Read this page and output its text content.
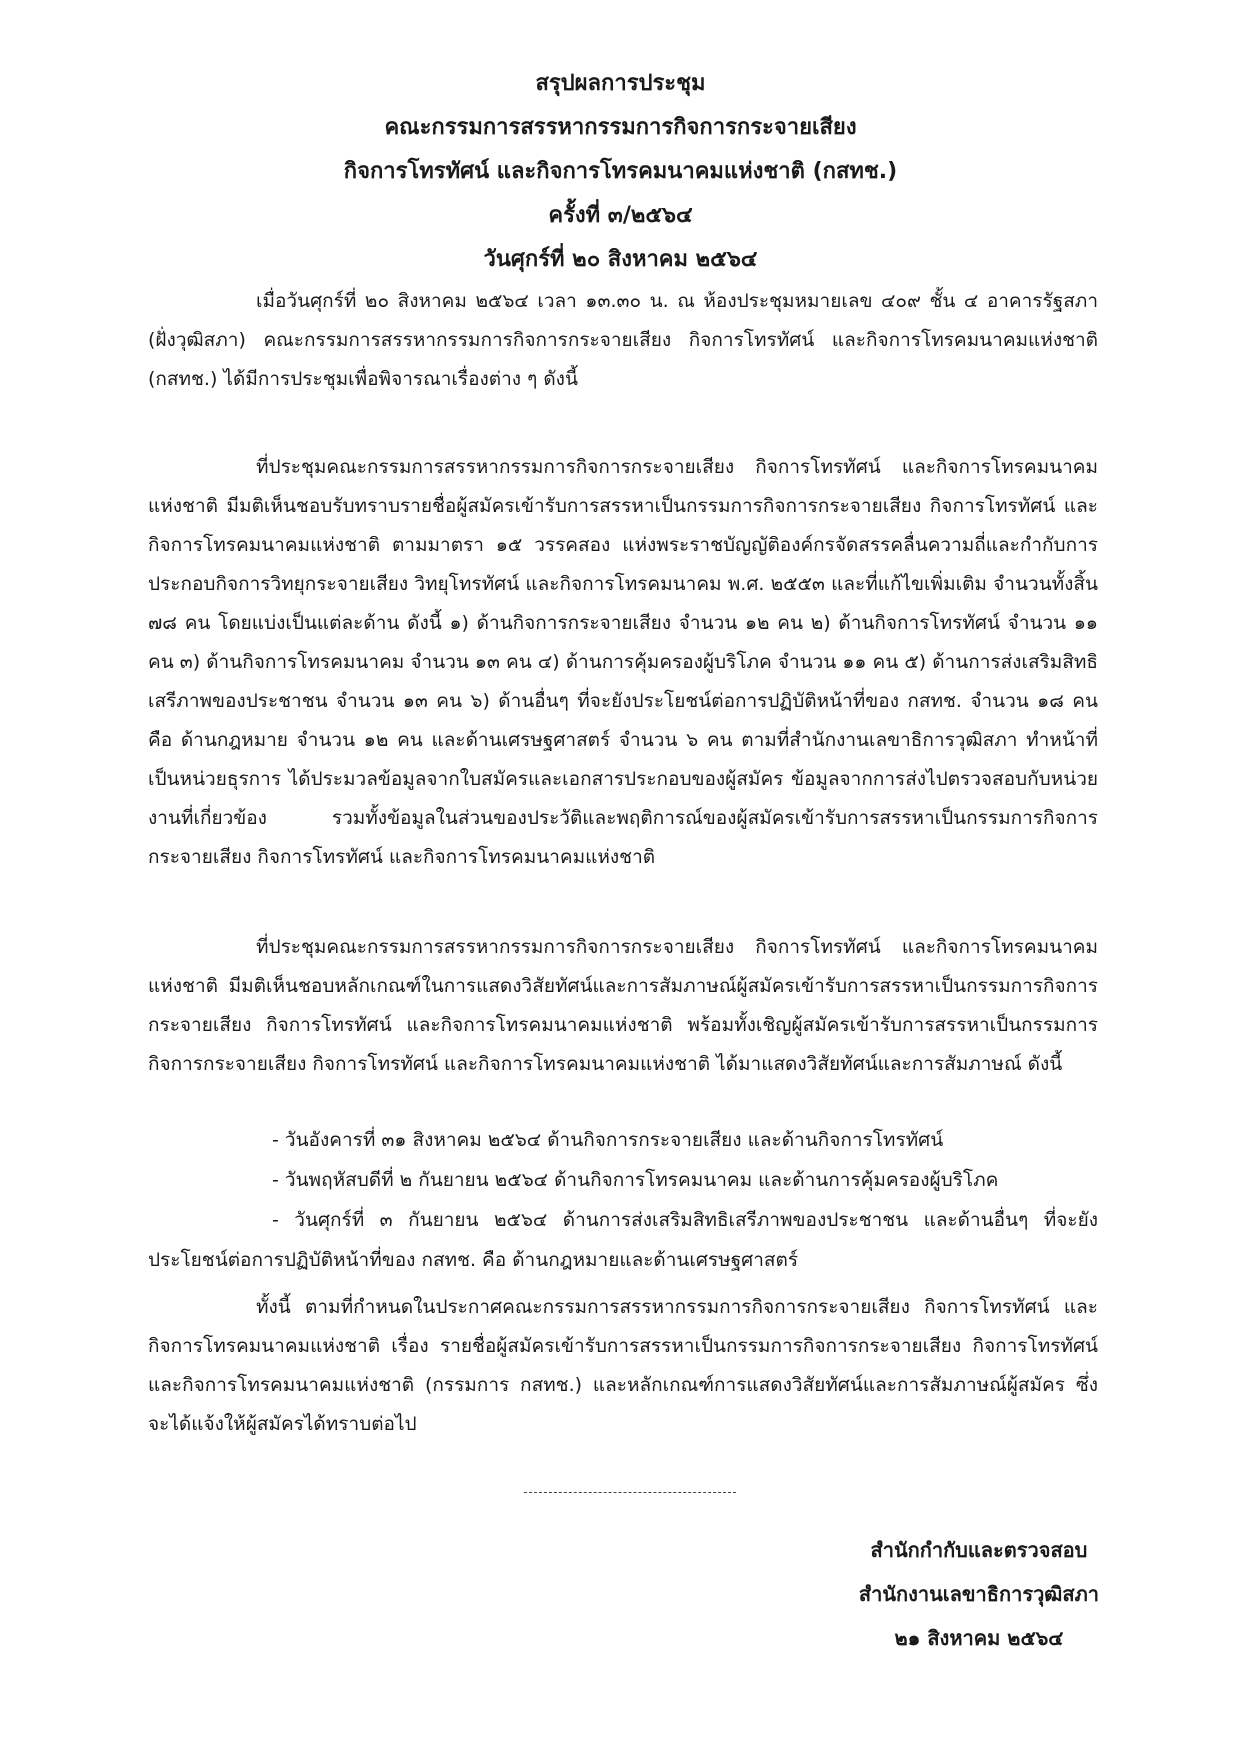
สรุปผลการประชุม
คณะกรรมการสรรหากรรมการกิจการกระจายเสียง
กิจการโทรทัศน์ และกิจการโทรคมนาคมแห่งชาติ (กสทช.)
ครั้งที่ ๓/๒๕๖๔
วันศุกร์ที่ ๒๐ สิงหาคม ๒๕๖๔

เมื่อวันศุกร์ที่ ๒๐ สิงหาคม ๒๕๖๔ เวลา ๑๓.๓๐ น. ณ ห้องประชุมหมายเลข ๔๐๙ ชั้น ๔ อาคารรัฐสภา (ฝั่งวุฒิสภา) คณะกรรมการสรรหากรรมการกิจการกระจายเสียง กิจการโทรทัศน์ และกิจการโทรคมนาคมแห่งชาติ (กสทช.) ได้มีการประชุมเพื่อพิจารณาเรื่องต่าง ๆ ดังนี้

ที่ประชุมคณะกรรมการสรรหากรรมการกิจการกระจายเสียง กิจการโทรทัศน์ และกิจการโทรคมนาคมแห่งชาติ มีมติเห็นชอบรับทราบรายชื่อผู้สมัครเข้ารับการสรรหาเป็นกรรมการกิจการกระจายเสียง กิจการโทรทัศน์ และกิจการโทรคมนาคมแห่งชาติ ตามมาตรา ๑๕ วรรคสอง แห่งพระราชบัญญัติองค์กรจัดสรรคลื่นความถี่และกำกับการประกอบกิจการวิทยุกระจายเสียง วิทยุโทรทัศน์ และกิจการโทรคมนาคม พ.ศ. ๒๕๕๓ และที่แก้ไขเพิ่มเติม จำนวนทั้งสิ้น ๗๘ คน โดยแบ่งเป็นแต่ละด้าน ดังนี้ ๑) ด้านกิจการกระจายเสียง จำนวน ๑๒ คน ๒) ด้านกิจการโทรทัศน์ จำนวน ๑๑ คน ๓) ด้านกิจการโทรคมนาคม จำนวน ๑๓ คน ๔) ด้านการคุ้มครองผู้บริโภค จำนวน ๑๑ คน ๕) ด้านการส่งเสริมสิทธิเสรีภาพของประชาชน จำนวน ๑๓ คน ๖) ด้านอื่นๆ ที่จะยังประโยชน์ต่อการปฏิบัติหน้าที่ของ กสทช. จำนวน ๑๘ คน คือ ด้านกฎหมาย จำนวน ๑๒ คน และด้านเศรษฐศาสตร์ จำนวน ๖ คน ตามที่สำนักงานเลขาธิการวุฒิสภา ทำหน้าที่เป็นหน่วยธุรการ ได้ประมวลข้อมูลจากใบสมัครและเอกสารประกอบของผู้สมัคร ข้อมูลจากการส่งไปตรวจสอบกับหน่วยงานที่เกี่ยวข้อง รวมทั้งข้อมูลในส่วนของประวัติและพฤติการณ์ของผู้สมัครเข้ารับการสรรหาเป็นกรรมการกิจการกระจายเสียง กิจการโทรทัศน์ และกิจการโทรคมนาคมแห่งชาติ

ที่ประชุมคณะกรรมการสรรหากรรมการกิจการกระจายเสียง กิจการโทรทัศน์ และกิจการโทรคมนาคมแห่งชาติ มีมติเห็นชอบหลักเกณฑ์ในการแสดงวิสัยทัศน์และการสัมภาษณ์ผู้สมัครเข้ารับการสรรหาเป็นกรรมการกิจการกระจายเสียง กิจการโทรทัศน์ และกิจการโทรคมนาคมแห่งชาติ พร้อมทั้งเชิญผู้สมัครเข้ารับการสรรหาเป็นกรรมการกิจการกระจายเสียง กิจการโทรทัศน์ และกิจการโทรคมนาคมแห่งชาติ ได้มาแสดงวิสัยทัศน์และการสัมภาษณ์ ดังนี้

- วันอังคารที่ ๓๑ สิงหาคม ๒๕๖๔ ด้านกิจการกระจายเสียง และด้านกิจการโทรทัศน์

- วันพฤหัสบดีที่ ๒ กันยายน ๒๕๖๔ ด้านกิจการโทรคมนาคม และด้านการคุ้มครองผู้บริโภค

- วันศุกร์ที่ ๓ กันยายน ๒๕๖๔ ด้านการส่งเสริมสิทธิเสรีภาพของประชาชน และด้านอื่นๆ ที่จะยังประโยชน์ต่อการปฏิบัติหน้าที่ของ กสทช. คือ ด้านกฎหมายและด้านเศรษฐศาสตร์

ทั้งนี้ ตามที่กำหนดในประกาศคณะกรรมการสรรหากรรมการกิจการกระจายเสียง กิจการโทรทัศน์ และกิจการโทรคมนาคมแห่งชาติ เรื่อง รายชื่อผู้สมัครเข้ารับการสรรหาเป็นกรรมการกิจการกระจายเสียง กิจการโทรทัศน์และกิจการโทรคมนาคมแห่งชาติ (กรรมการ กสทช.) และหลักเกณฑ์การแสดงวิสัยทัศน์และการสัมภาษณ์ผู้สมัคร ซึ่งจะได้แจ้งให้ผู้สมัครได้ทราบต่อไป

สำนักกำกับและตรวจสอบ
สำนักงานเลขาธิการวุฒิสภา
๒๑ สิงหาคม ๒๕๖๔
